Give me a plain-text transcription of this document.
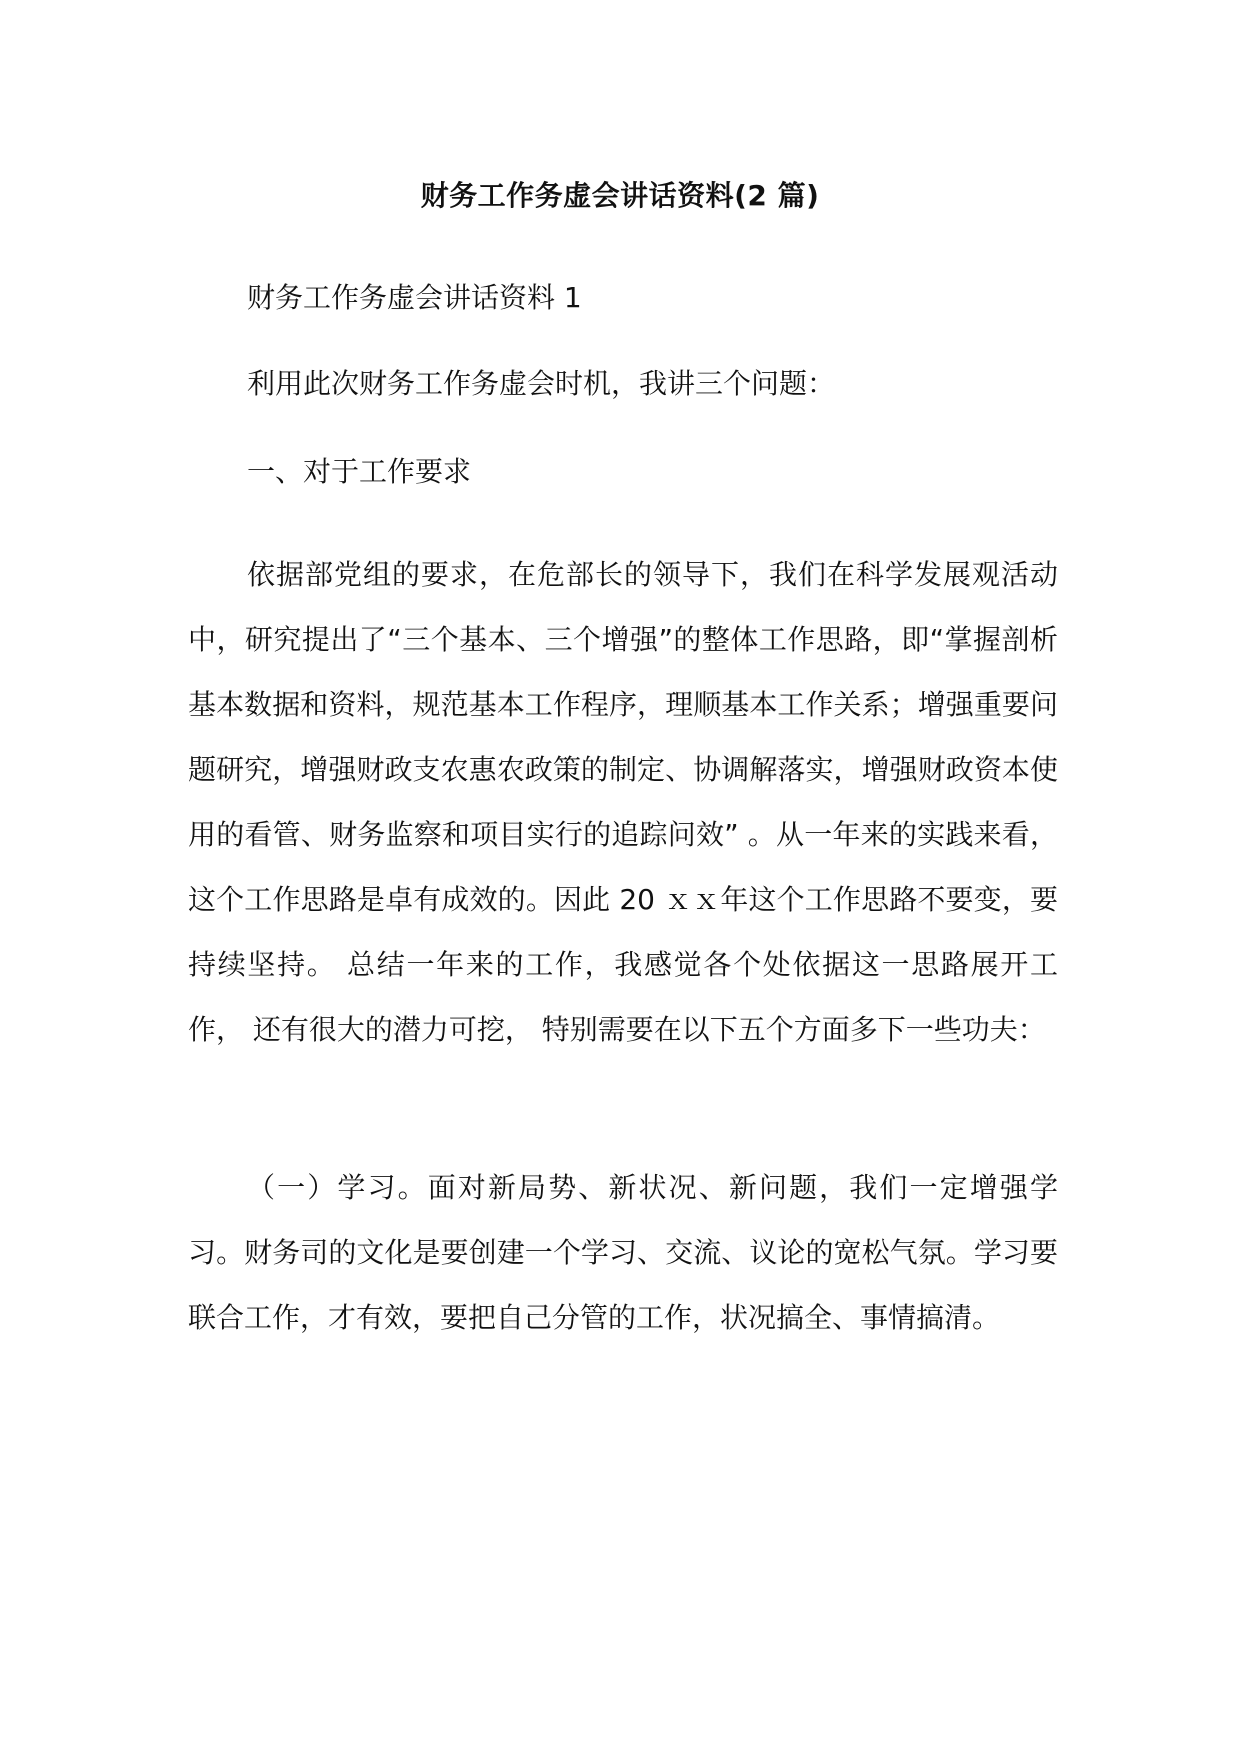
财务工作务虚会讲话资料(2 篇)
财务工作务虚会讲话资料 1
利用此次财务工作务虚会时机，我讲三个问题：
一、对于工作要求

依据部党组的要求，在危部长的领导下，我们在科学发展观活动中，研究提出了“三个基本、三个增强”的整体工作思路，即“掌握剖析基本数据和资料，规范基本工作程序，理顺基本工作关系；增强重要问题研究，增强财政支农惠农政策的制定、协调解落实，增强财政资本使用的看管、财务监察和项目实行的追踪问效” 。从一年来的实践来看，这个工作思路是卓有成效的。因此 20 ｘｘ年这个工作思路不要变，要持续坚持。 总结一年来的工作，我感觉各个处依据这一思路展开工作， 还有很大的潜力可挖， 特别需要在以下五个方面多下一些功夫：

（一）学习。面对新局势、新状况、新问题，我们一定增强学习。财务司的文化是要创建一个学习、交流、议论的宽松气氛。学习要联合工作，才有效，要把自己分管的工作，状况搞全、事情搞清。
